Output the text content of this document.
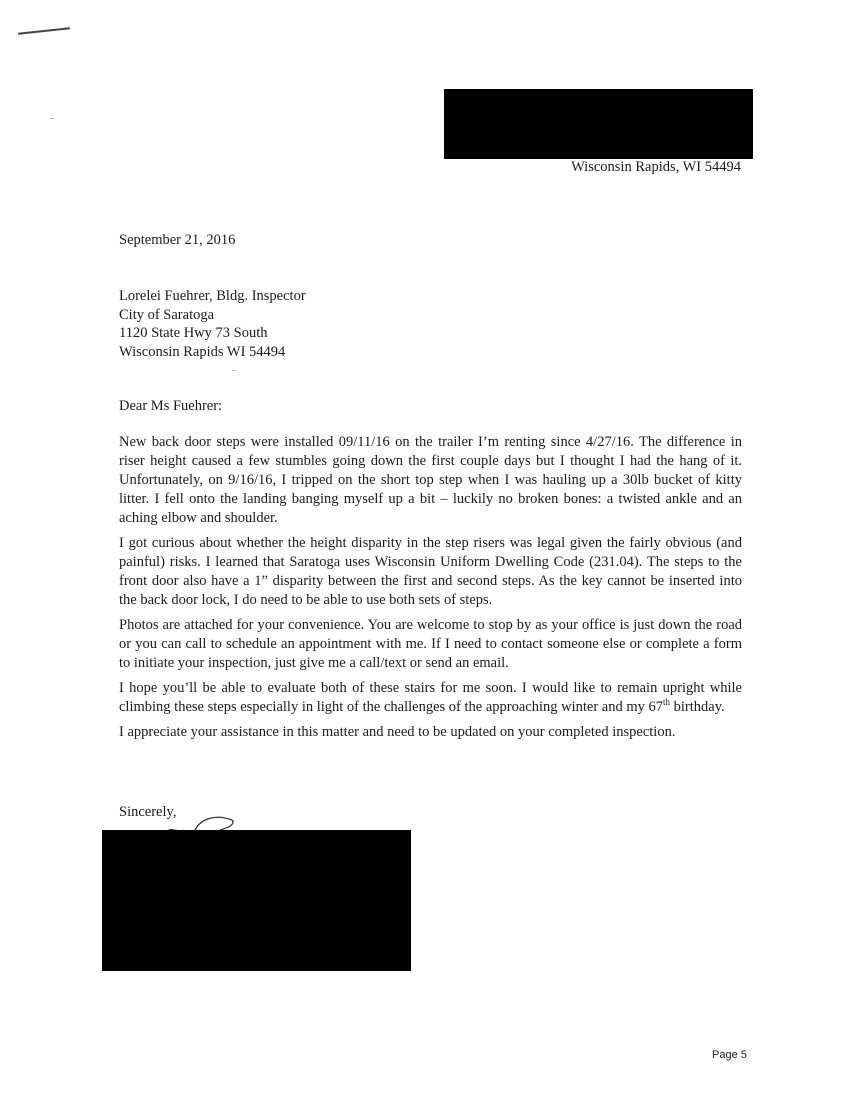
Wisconsin Rapids, WI 54494
September 21, 2016
Lorelei Fuehrer, Bldg. Inspector
City of Saratoga
1120 State Hwy 73 South
Wisconsin Rapids WI 54494
Dear Ms Fuehrer:

New back door steps were installed 09/11/16 on the trailer I’m renting since 4/27/16. The difference in riser height caused a few stumbles going down the first couple days but I thought I had the hang of it. Unfortunately, on 9/16/16, I tripped on the short top step when I was hauling up a 30lb bucket of kitty litter. I fell onto the landing banging myself up a bit – luckily no broken bones: a twisted ankle and an aching elbow and shoulder.

I got curious about whether the height disparity in the step risers was legal given the fairly obvious (and painful) risks. I learned that Saratoga uses Wisconsin Uniform Dwelling Code (231.04). The steps to the front door also have a 1” disparity between the first and second steps. As the key cannot be inserted into the back door lock, I do need to be able to use both sets of steps.

Photos are attached for your convenience. You are welcome to stop by as your office is just down the road or you can call to schedule an appointment with me. If I need to contact someone else or complete a form to initiate your inspection, just give me a call/text or send an email.

I hope you’ll be able to evaluate both of these stairs for me soon. I would like to remain upright while climbing these steps especially in light of the challenges of the approaching winter and my 67th birthday.

I appreciate your assistance in this matter and need to be updated on your completed inspection.

Sincerely,
Page 5
